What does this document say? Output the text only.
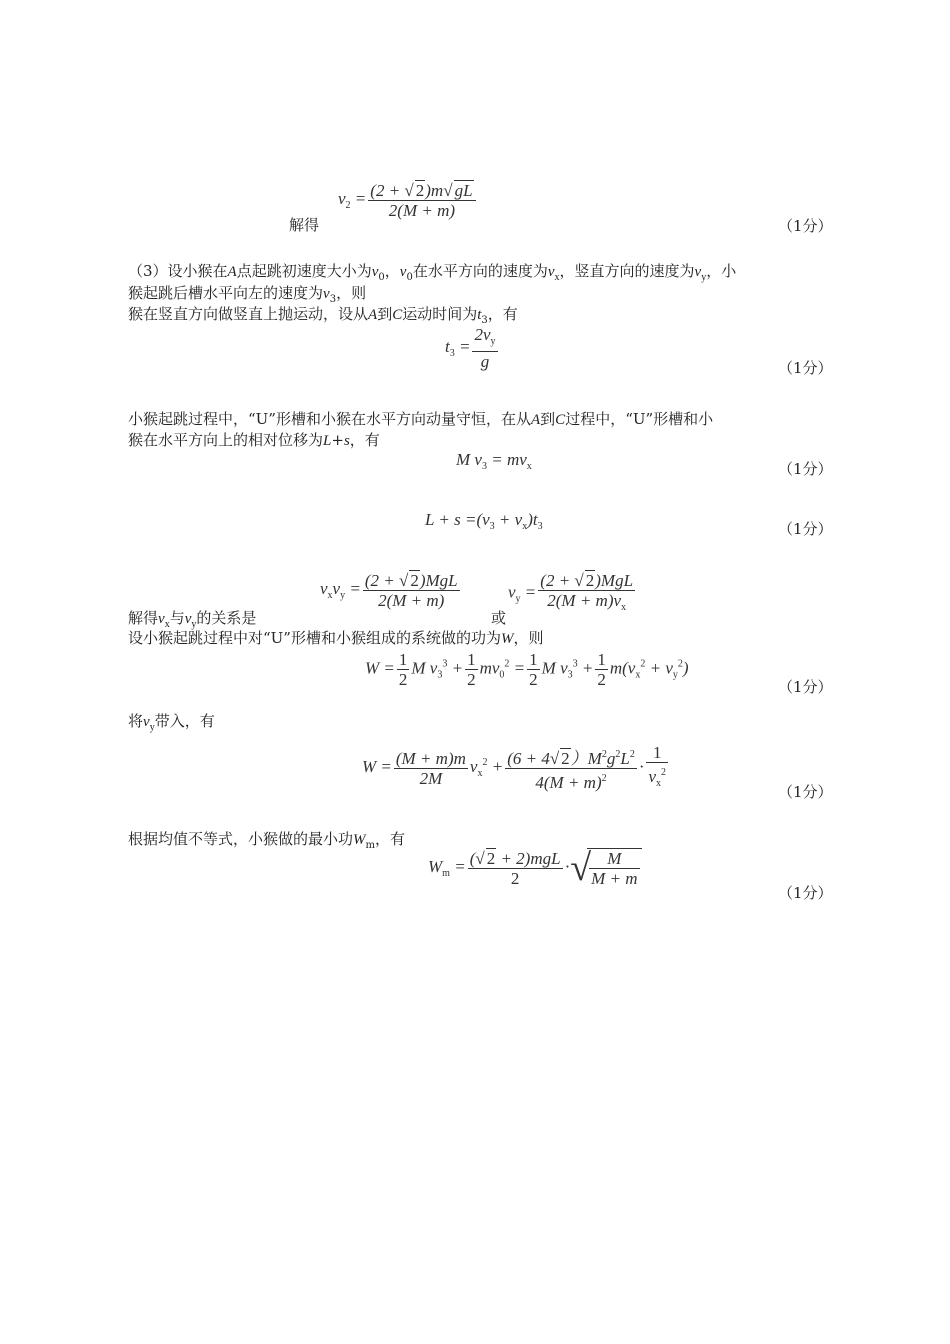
$v_2 = \frac{(2 + √ 2)m√ gL}{2(M + m)}$
解得	（1分）
（3）设小猴在A点起跳初速度大小为$v_0$，$v_0$在水平方向的速度为$v_x$，竖直方向的速度为$v_y$，小
猴起跳后槽水平向左的速度为$v_3$，则
猴在竖直方向做竖直上抛运动，设从A到C运动时间为$t_3$，有
$t_3 = \frac{2v_y}{g}$	（1分）
小猴起跳过程中，“U”形槽和小猴在水平方向动量守恒，在从A到C过程中，“U”形槽和小
猴在水平方向上的相对位移为L+s，有
M $v_3 = mv_x$	（1分）
$L + s =(v_3 + v_x)t_3$	（1分）
$v_xv_y = \frac{\text{(2 + √ 2)MgL}}{2(M + m)}$
解得$v_x$与$v_y$的关系是	或
$v_y = \frac{\text{(2 + √ 2)MgL}}{2(M + m)v_x}$
设小猴起跳过程中对“U”形槽和小猴组成的系统做的功为W，则
$W = \frac{1}{2}$ M $v_3^3 + \frac{1}{2} mv_0^2 = \frac{1}{2}$ M $v_3^3 + \frac{1}{2} m(v_x^2 + v_y^2)$
（1分）
将$v_y$带入，有
$W = \frac{(M + m)m}{2M} v_x^2 + \frac{(6 + 4√ 2)M^2g^2L^2}{4(M + m)^2} \cdot \frac{1}{v_x^2}$	（1分）
根据均值不等式，小猴做的最小功$W_m$，有
$W_m = \frac{\text{(√ 2 + 2)mgL}}{2}$ ·√
$\frac{M}{M + m}$
（1分）
